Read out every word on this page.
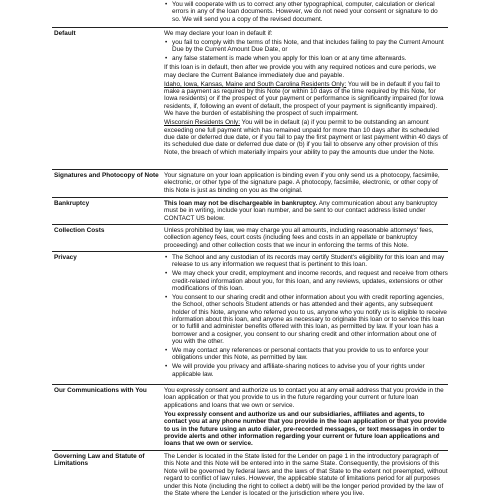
• You will cooperate with us to correct any other typographical, computer, calculation or clerical errors in any of the loan documents. However, we do not need your consent or signature to do so. We will send you a copy of the revised document.
Default	We may declare your loan in default if:

• you fail to comply with the terms of this Note, and that includes failing to pay the Current Amount Due by the Current Amount Due Date, or
• any false statement is made when you apply for this loan or at any time afterwards.

If this loan is in default, then after we provide you with any required notices and cure periods, we may declare the Current Balance immediately due and payable.

Idaho, Iowa, Kansas, Maine and South Carolina Residents Only: You will be in default if you fail to make a payment as required by this Note (or within 10 days of the time required by this Note, for Iowa residents) or if the prospect of your payment or performance is significantly impaired (for Iowa residents, if, following an event of default, the prospect of your payment is significantly impaired). We have the burden of establishing the prospect of such impairment.

Wisconsin Residents Only: You will be in default (a) if you permit to be outstanding an amount exceeding one full payment which has remained unpaid for more than 10 days after its scheduled due date or deferred due date, or if you fail to pay the first payment or last payment within 40 days of its scheduled due date or deferred due date or (b) if you fail to observe any other provision of this Note, the breach of which materially impairs your ability to pay the amounts due under the Note.

Signatures and Photocopy of Note Your signature on your loan application is binding even if you only send us a photocopy, facsimile, electronic, or other type of the signature page. A photocopy, facsimile, electronic, or other copy of this Note is just as binding on you as the original.

Bankruptcy	This loan may not be dischargeable in bankruptcy. Any communication about any bankruptcy must be in writing, include your loan number, and be sent to our contact address listed under CONTACT US below.

Collection Costs	Unless prohibited by law, we may charge you all amounts, including reasonable attorneys' fees, collection agency fees, court costs (including fees and costs in an appellate or bankruptcy proceeding) and other collection costs that we incur in enforcing the terms of this Note.

Privacy
•	The School and any custodian of its records may certify Student's eligibility for this loan and may release to us any information we request that is pertinent to this loan.
• We may check your credit, employment and income records, and request and receive from others credit-related information about you, for this loan, and any reviews, updates, extensions or other modifications of this loan.
• You consent to our sharing credit and other information about you with credit reporting agencies, the School, other schools Student attends or has attended and their agents, any subsequent holder of this Note, anyone who referred you to us, anyone who you notify us is eligible to receive information about this loan, and anyone as necessary to originate this loan or to service this loan or to fulfill and administer benefits offered with this loan, as permitted by law. If your loan has a borrower and a cosigner, you consent to our sharing credit and other information about one of you with the other.
• We may contact any references or personal contacts that you provide to us to enforce your obligations under this Note, as permitted by law.
• We will provide you privacy and affiliate-sharing notices to advise you of your rights under applicable law.
Our Communications with You	You expressly consent and authorize us to contact you at any email address that you provide in the loan application or that you provide to us in the future regarding your current or future loan applications and loans that we own or service.

You expressly consent and authorize us and our subsidiaries, affiliates and agents, to contact you at any phone number that you provide in the loan application or that you provide to us in the future using an auto dialer, pre-recorded messages, or text messages in order to provide alerts and other information regarding your current or future loan applications and loans that we own or service.

Governing Law and Statute of Limitations

The Lender is located in the State listed for the Lender on page 1 in the introductory paragraph of this Note and this Note will be entered into in the same State. Consequently, the provisions of this Note will be governed by federal laws and the laws of that State to the extent not preempted, without regard to conflict of law rules. However, the applicable statute of limitations period for all purposes under this Note (including the right to collect a debt) will be the longer period provided by the law of the State where the Lender is located or the jurisdiction where you live.
